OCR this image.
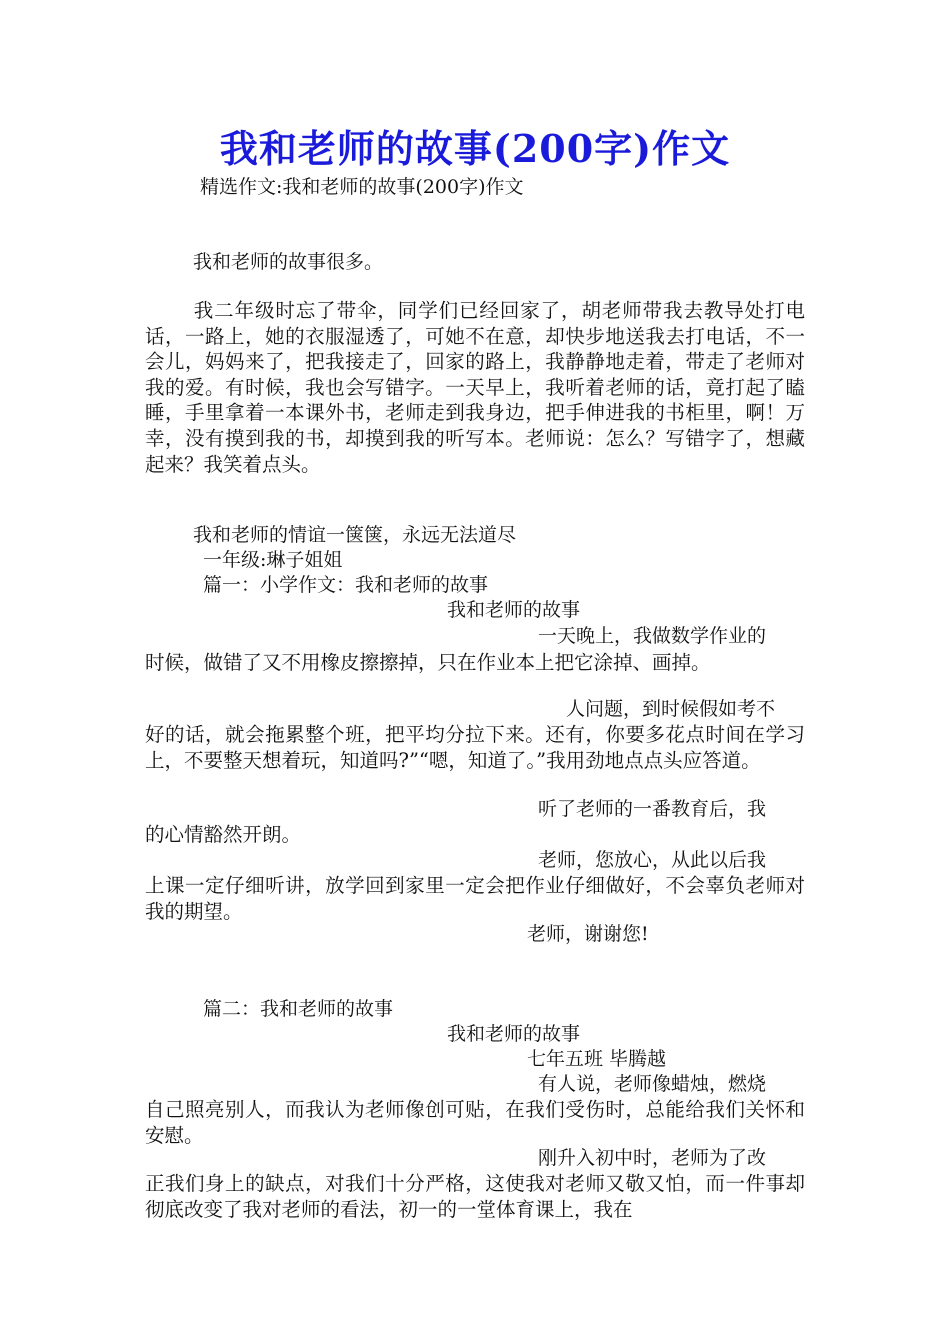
我和老师的故事(200字)作文
精选作文:我和老师的故事(200字)作文
我和老师的故事很多。
我二年级时忘了带伞，同学们已经回家了，胡老师带我去教导处打电话，一路上，她的衣服湿透了，可她不在意，却快步地送我去打电话，不一会儿，妈妈来了，把我接走了，回家的路上，我静静地走着，带走了老师对我的爱。有时候，我也会写错字。一天早上，我听着老师的话，竟打起了瞌睡，手里拿着一本课外书，老师走到我身边，把手伸进我的书柜里，啊！万幸，没有摸到我的书，却摸到我的听写本。老师说：怎么？写错字了，想藏起来？我笑着点头。
我和老师的情谊一箧箧，永远无法道尽
一年级:琳子姐姐
篇一：小学作文：我和老师的故事
我和老师的故事
一天晚上，我做数学作业的
时候，做错了又不用橡皮擦擦掉，只在作业本上把它涂掉、画掉。
人问题，到时候假如考不
好的话，就会拖累整个班，把平均分拉下来。还有，你要多花点时间在学习上，不要整天想着玩，知道吗?”“嗯，知道了。”我用劲地点点头应答道。
听了老师的一番教育后，我
的心情豁然开朗。
老师，您放心，从此以后我
上课一定仔细听讲，放学回到家里一定会把作业仔细做好，不会辜负老师对我的期望。
老师，谢谢您!
篇二：我和老师的故事
我和老师的故事
七年五班 毕腾越
有人说，老师像蜡烛，燃烧
自己照亮别人，而我认为老师像创可贴，在我们受伤时，总能给我们关怀和安慰。
刚升入初中时，老师为了改
正我们身上的缺点，对我们十分严格，这使我对老师又敬又怕，而一件事却彻底改变了我对老师的看法，初一的一堂体育课上，我在
